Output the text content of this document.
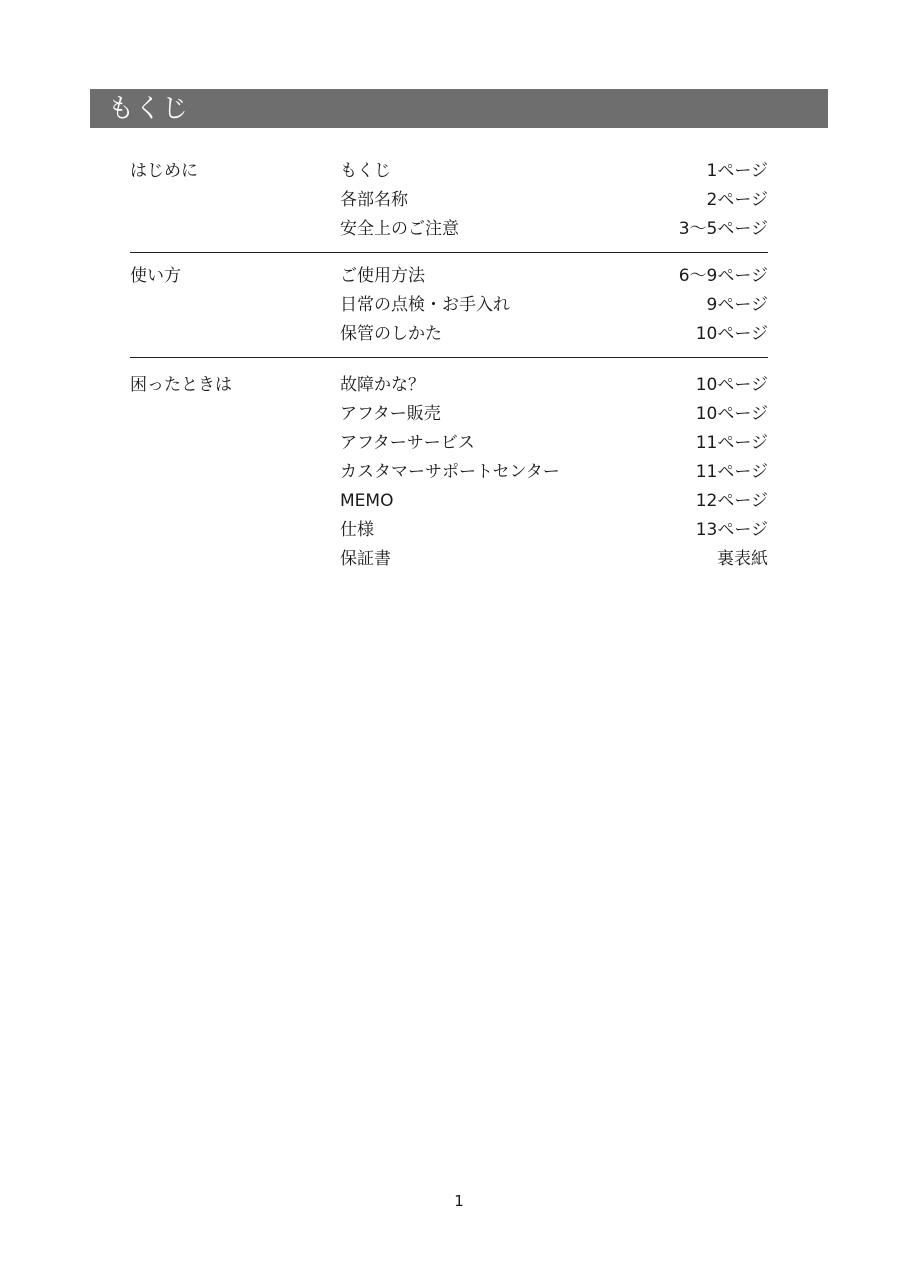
もくじ
はじめに	もくじ	1ページ
各部名称	2ページ
安全上のご注意	3〜5ページ
使い方	ご使用方法	6〜9ページ
日常の点検・お手入れ	9ページ
保管のしかた	10ページ
困ったときは	故障かな？	10ページ
アフター販売	10ページ
アフターサービス	11ページ
カスタマーサポートセンター	11ページ
MEMO	12ページ
仕様	13ページ
保証書	裏表紙
1
